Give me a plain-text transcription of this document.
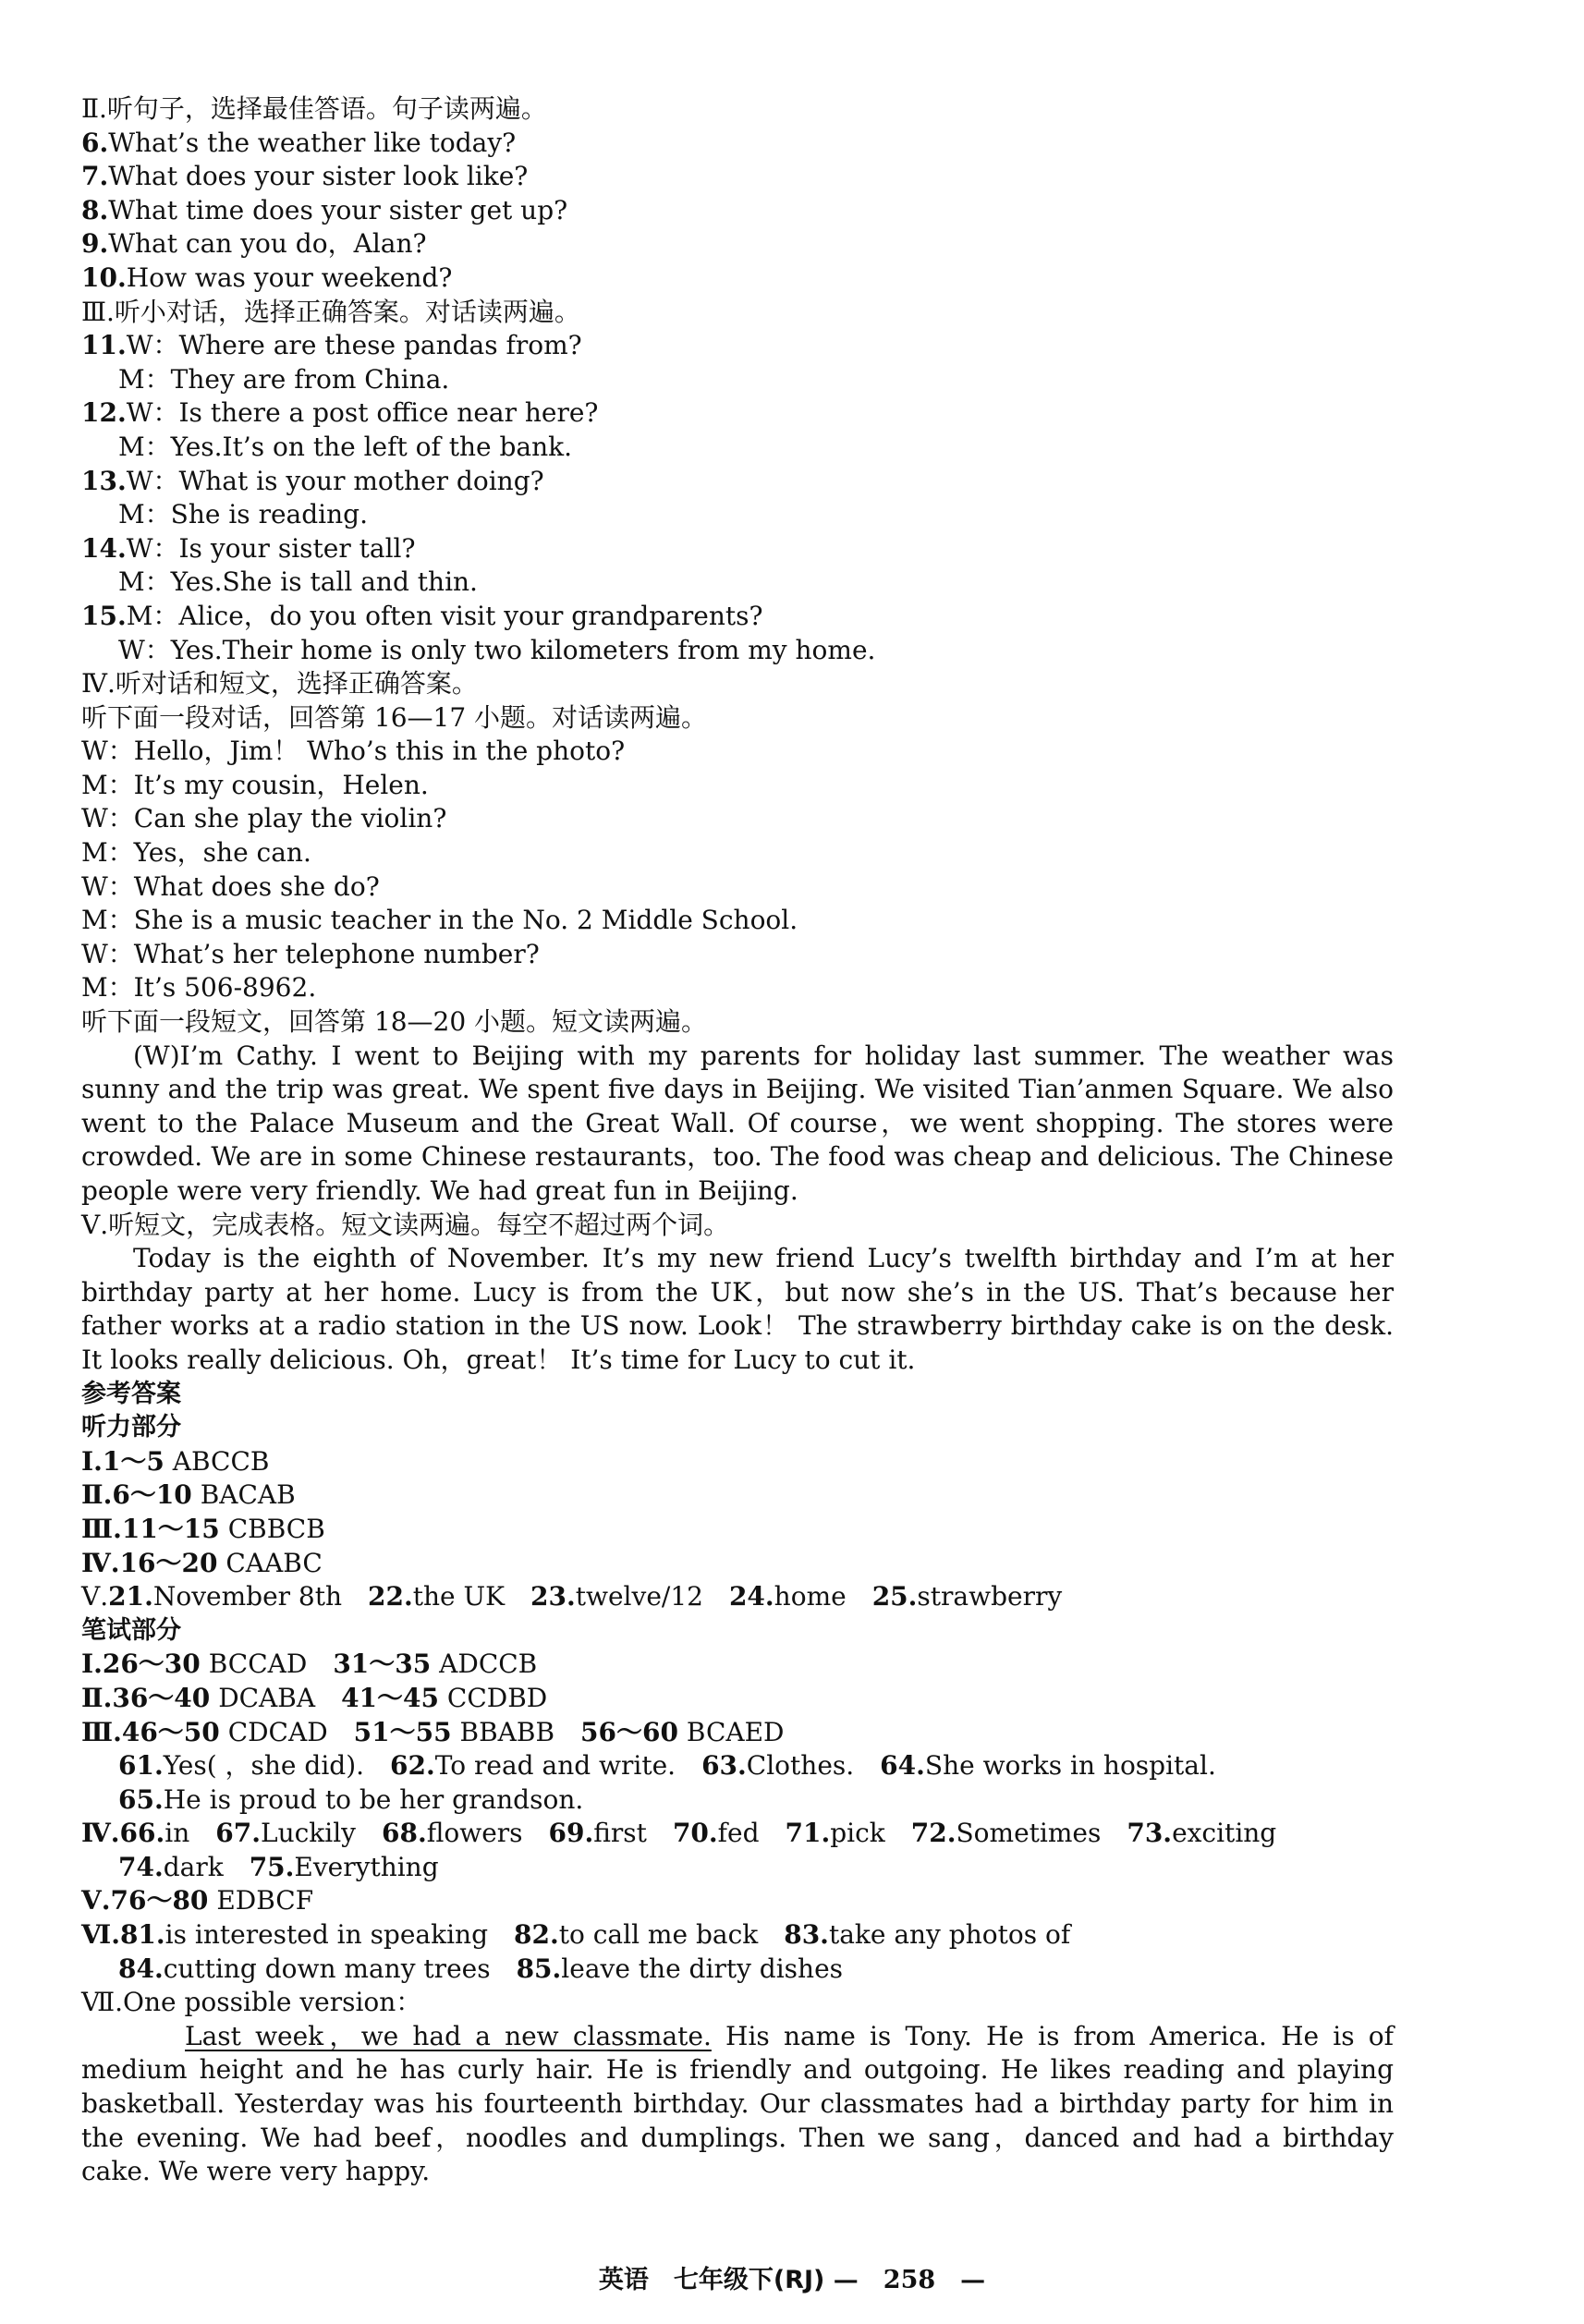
Ⅱ.听句子，选择最佳答语。句子读两遍。
6.What’s the weather like today?
7.What does your sister look like?
8.What time does your sister get up?
9.What can you do，Alan?
10.How was your weekend?
Ⅲ.听小对话，选择正确答案。对话读两遍。
11.W：Where are these pandas from?
M：They are from China.
12.W：Is there a post office near here?
M：Yes.It’s on the left of the bank.
13.W：What is your mother doing?
M：She is reading.
14.W：Is your sister tall?
M：Yes.She is tall and thin.
15.M：Alice，do you often visit your grandparents?
W：Yes.Their home is only two kilometers from my home.
Ⅳ.听对话和短文，选择正确答案。
听下面一段对话，回答第 16—17 小题。对话读两遍。
W：Hello，Jim！ Who’s this in the photo?
M：It’s my cousin，Helen.
W：Can she play the violin?
M：Yes，she can.
W：What does she do?
M：She is a music teacher in the No. 2 Middle School.
W：What’s her telephone number?
M：It’s 506-8962.
听下面一段短文，回答第 18—20 小题。短文读两遍。
(W)I’m Cathy. I went to Beijing with my parents for holiday last summer. The weather was sunny and the trip was great. We spent five days in Beijing. We visited Tian’anmen Square. We also went to the Palace Museum and the Great Wall. Of course，we went shopping. The stores were crowded. We are in some Chinese restaurants，too. The food was cheap and delicious. The Chinese people were very friendly. We had great fun in Beijing.
Ⅴ.听短文，完成表格。短文读两遍。每空不超过两个词。
Today is the eighth of November. It’s my new friend Lucy’s twelfth birthday and I’m at her birthday party at her home. Lucy is from the UK，but now she’s in the US. That’s because her father works at a radio station in the US now. Look！ The strawberry birthday cake is on the desk. It looks really delicious. Oh，great！ It’s time for Lucy to cut it.
参考答案
听力部分
Ⅰ.1～5 ABCCB
Ⅱ.6～10 BACAB
Ⅲ.11～15 CBBCB
Ⅳ.16～20 CAABC
Ⅴ.21.November 8th 22.the UK 23.twelve/12 24.home 25.strawberry
笔试部分
Ⅰ.26～30 BCCAD 31～35 ADCCB
Ⅱ.36～40 DCABA 41～45 CCDBD
Ⅲ.46～50 CDCAD 51～55 BBABB 56～60 BCAED
61.Yes( ，she did). 62.To read and write. 63.Clothes. 64.She works in hospital.
65.He is proud to be her grandson.
Ⅳ.66.in 67.Luckily 68.flowers 69.first 70.fed 71.pick 72.Sometimes 73.exciting
74.dark 75.Everything
Ⅴ.76～80 EDBCF
Ⅵ.81.is interested in speaking 82.to call me back 83.take any photos of
84.cutting down many trees 85.leave the dirty dishes
Ⅶ.One possible version：
Last week，we had a new classmate. His name is Tony. He is from America. He is of medium height and he has curly hair. He is friendly and outgoing. He likes reading and playing basketball. Yesterday was his fourteenth birthday. Our classmates had a birthday party for him in the evening. We had beef，noodles and dumplings. Then we sang，danced and had a birthday cake. We were very happy.
英语　七年级下(RJ) —　258　—
